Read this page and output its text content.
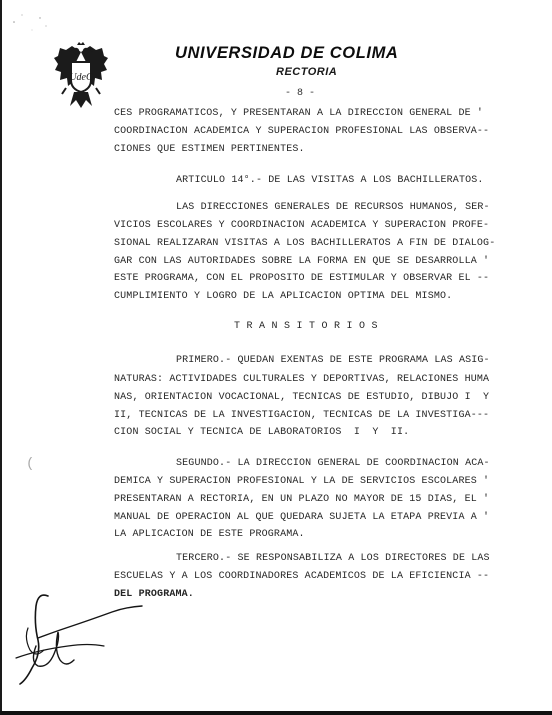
UdeC
UNIVERSIDAD DE COLIMA
RECTORIA
- 8 -
CES PROGRAMATICOS, Y PRESENTARAN A LA DIRECCION GENERAL DE '
COORDINACION ACADEMICA Y SUPERACION PROFESIONAL LAS OBSERVA--
CIONES QUE ESTIMEN PERTINENTES.
ARTICULO 14°.- DE LAS VISITAS A LOS BACHILLERATOS.
LAS DIRECCIONES GENERALES DE RECURSOS HUMANOS, SER-
VICIOS ESCOLARES Y COORDINACION ACADEMICA Y SUPERACION PROFE-
SIONAL REALIZARAN VISITAS A LOS BACHILLERATOS A FIN DE DIALOG-
GAR CON LAS AUTORIDADES SOBRE LA FORMA EN QUE SE DESARROLLA '
ESTE PROGRAMA, CON EL PROPOSITO DE ESTIMULAR Y OBSERVAR EL --
CUMPLIMIENTO Y LOGRO DE LA APLICACION OPTIMA DEL MISMO.
TRANSITORIOS
PRIMERO.- QUEDAN EXENTAS DE ESTE PROGRAMA LAS ASIG-
NATURAS: ACTIVIDADES CULTURALES Y DEPORTIVAS, RELACIONES HUMA
NAS, ORIENTACION VOCACIONAL, TECNICAS DE ESTUDIO, DIBUJO I  Y
II, TECNICAS DE LA INVESTIGACION, TECNICAS DE LA INVESTIGA---
CION SOCIAL Y TECNICA DE LABORATORIOS  I  Y  II.
(	SEGUNDO.- LA DIRECCION GENERAL DE COORDINACION ACA-
DEMICA Y SUPERACION PROFESIONAL Y LA DE SERVICIOS ESCOLARES '
PRESENTARAN A RECTORIA, EN UN PLAZO NO MAYOR DE 15 DIAS, EL '
MANUAL DE OPERACION AL QUE QUEDARA SUJETA LA ETAPA PREVIA A '
LA APLICACION DE ESTE PROGRAMA.
TERCERO.- SE RESPONSABILIZA A LOS DIRECTORES DE LAS
ESCUELAS Y A LOS COORDINADORES ACADEMICOS DE LA EFICIENCIA --
DEL PROGRAMA.
